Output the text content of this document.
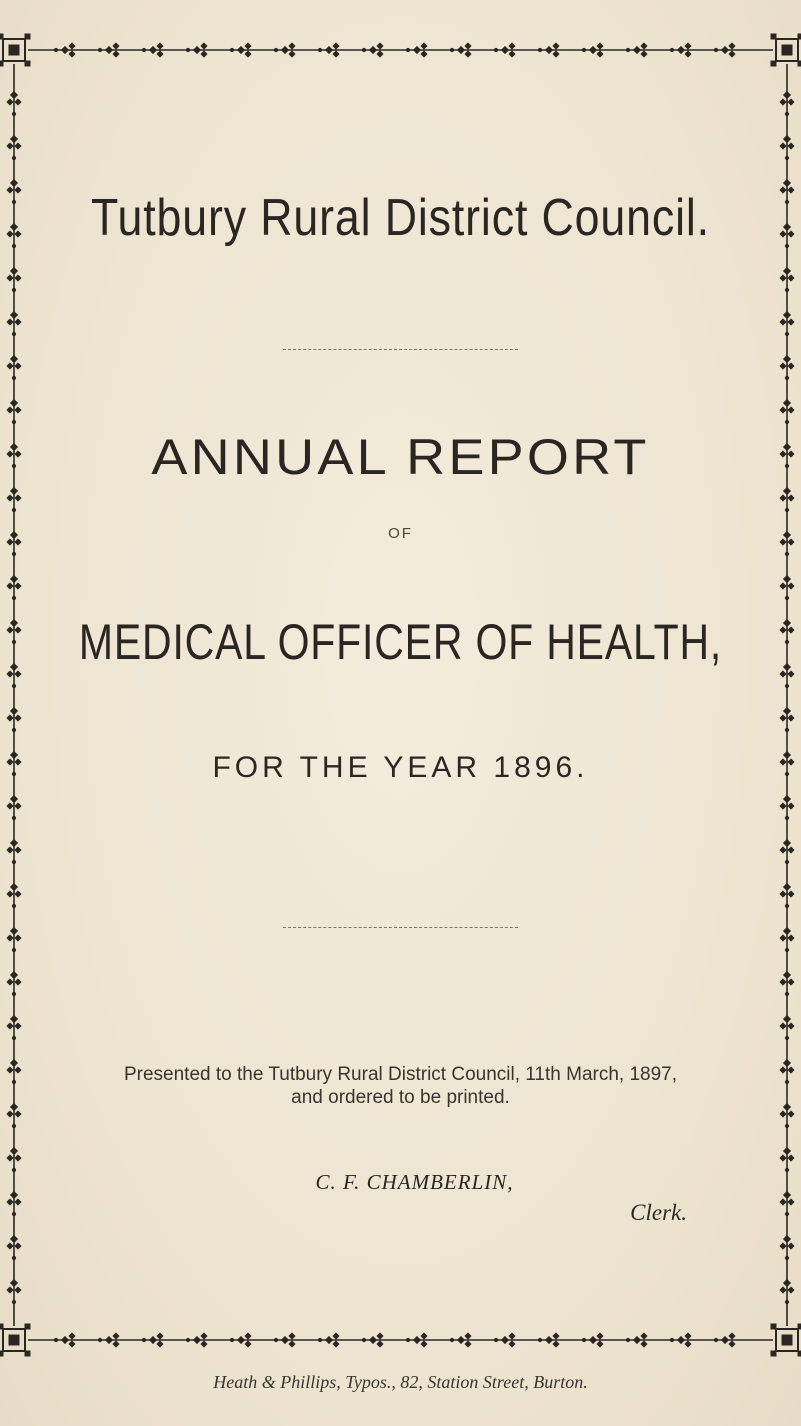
Tutbury Rural District Council.
ANNUAL REPORT
OF
MEDICAL OFFICER OF HEALTH,
FOR THE YEAR 1896.
Presented to the Tutbury Rural District Council, 11th March, 1897,
and ordered to be printed.
C. F. CHAMBERLIN,
Clerk.
Heath & Phillips, Typos., 82, Station Street, Burton.
